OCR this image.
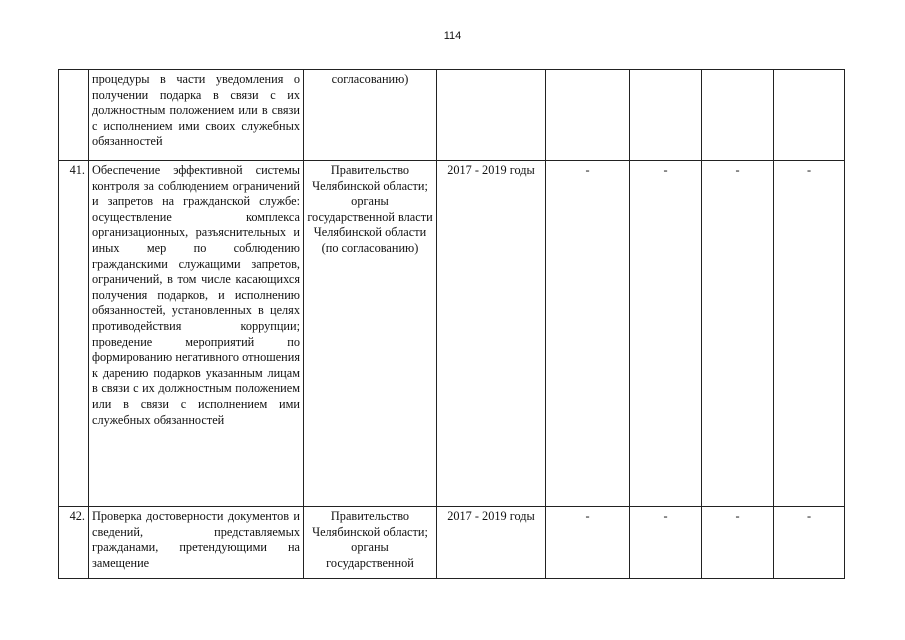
114
	процедуры в части уведомления о получении подарка в связи с их должностным положением или в связи с исполнением ими своих служебных обязанностей	согласованию)					
41.	Обеспечение эффективной системы контроля за соблюдением ограничений и запретов на гражданской службе: осуществление комплекса организационных, разъяснительных и иных мер по соблюдению гражданскими служащими запретов, ограничений, в том числе касающихся получения подарков, и исполнению обязанностей, установленных в целях противодействия коррупции; проведение мероприятий по формированию негативного отношения к дарению подарков указанным лицам в связи с их должностным положением или в связи с исполнением ими служебных обязанностей	Правительство Челябинской области; органы государственной власти Челябинской области (по согласованию)	2017 - 2019 годы	-	-	-	-
42.	Проверка достоверности документов и сведений, представляемых гражданами, претендующими на замещение	Правительство Челябинской области; органы государственной	2017 - 2019 годы	-	-	-	-
